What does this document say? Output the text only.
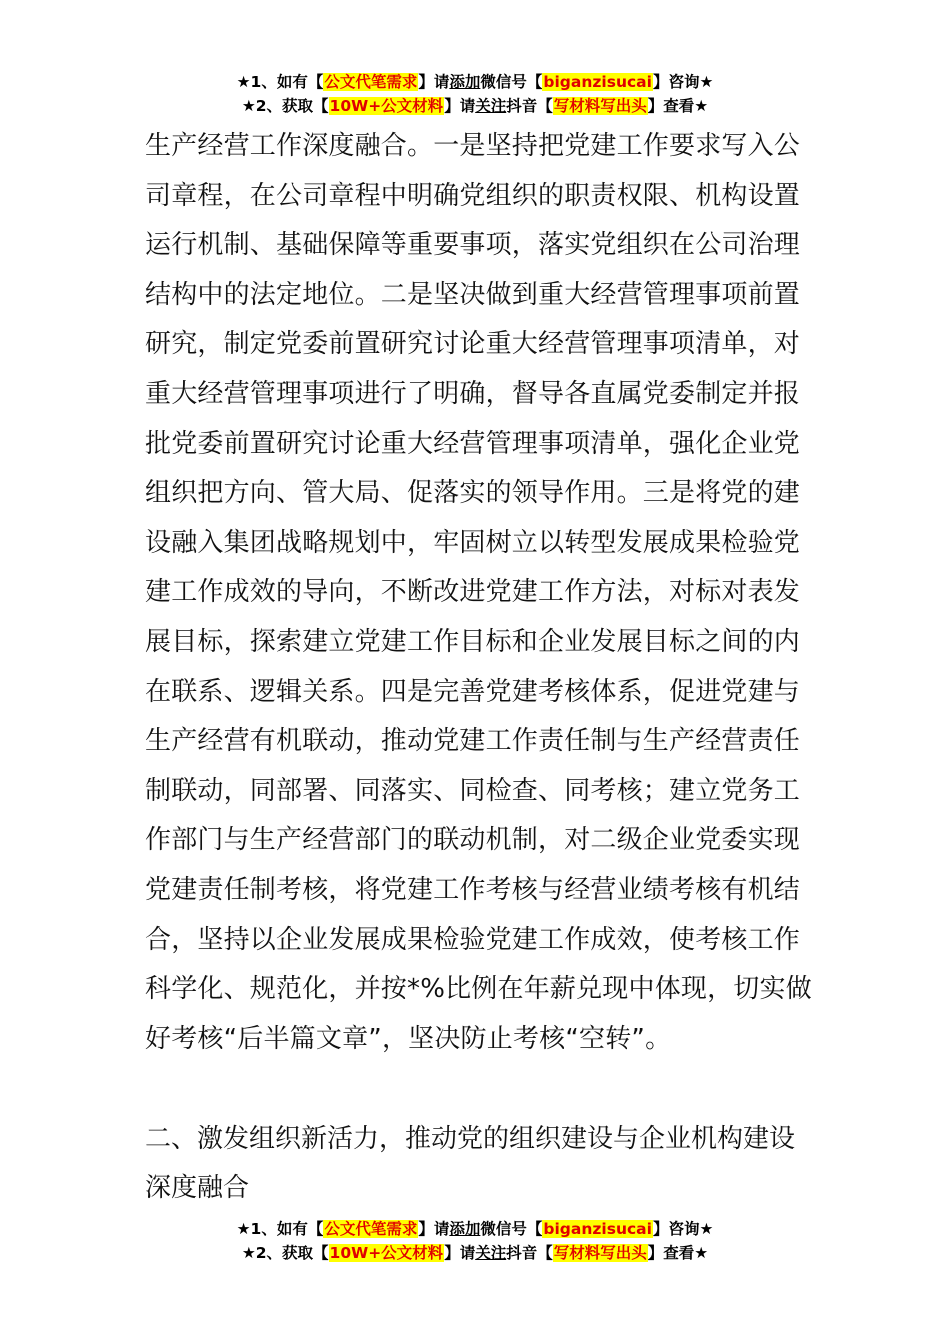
★1、如有【公文代笔需求】请添加微信号【biganzisucai】咨询★
★2、获取【10W+公文材料】请关注抖音【写材料写出头】查看★
生产经营工作深度融合。一是坚持把党建工作要求写入公
司章程，在公司章程中明确党组织的职责权限、机构设置
运行机制、基础保障等重要事项，落实党组织在公司治理
结构中的法定地位。二是坚决做到重大经营管理事项前置
研究，制定党委前置研究讨论重大经营管理事项清单，对
重大经营管理事项进行了明确，督导各直属党委制定并报
批党委前置研究讨论重大经营管理事项清单，强化企业党
组织把方向、管大局、促落实的领导作用。三是将党的建
设融入集团战略规划中，牢固树立以转型发展成果检验党
建工作成效的导向，不断改进党建工作方法，对标对表发
展目标，探索建立党建工作目标和企业发展目标之间的内
在联系、逻辑关系。四是完善党建考核体系，促进党建与
生产经营有机联动，推动党建工作责任制与生产经营责任
制联动，同部署、同落实、同检查、同考核；建立党务工
作部门与生产经营部门的联动机制，对二级企业党委实现
党建责任制考核，将党建工作考核与经营业绩考核有机结
合，坚持以企业发展成果检验党建工作成效，使考核工作
科学化、规范化，并按*%比例在年薪兑现中体现，切实做
好考核“后半篇文章”，坚决防止考核“空转”。
二、激发组织新活力，推动党的组织建设与企业机构建设
深度融合
★1、如有【公文代笔需求】请添加微信号【biganzisucai】咨询★
★2、获取【10W+公文材料】请关注抖音【写材料写出头】查看★
